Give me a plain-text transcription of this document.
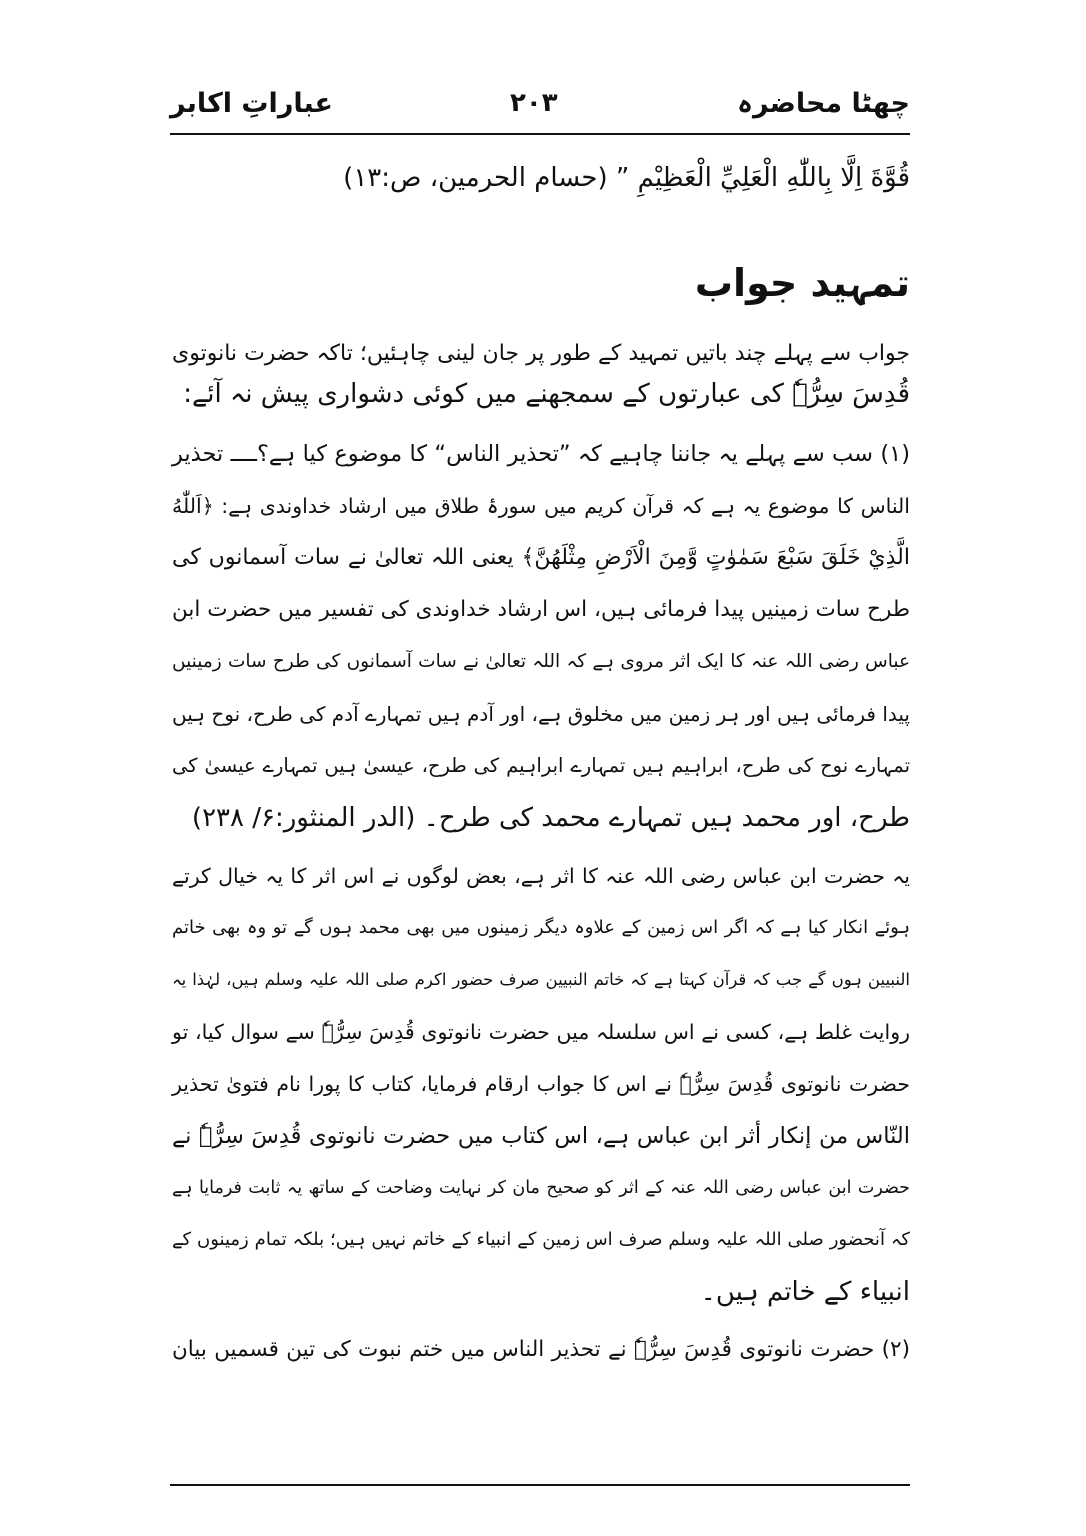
چھٹا محاضرہ
۲۰۳
عباراتِ اکابر
قُوَّةَ اِلَّا بِاللّٰهِ الْعَلِيِّ الْعَظِيْمِ ” (حسام الحرمین، ص:۱۳)
تمہید جواب
جواب سے پہلے چند باتیں تمہید کے طور پر جان لینی چاہئیں؛ تاکہ حضرت نانوتوی
قُدِسَ سِرُّہٗ کی عبارتوں کے سمجھنے میں کوئی دشواری پیش نہ آئے:
(۱) سب سے پہلے یہ جاننا چاہیے کہ ”تحذیر الناس“ کا موضوع کیا ہے؟ــــ تحذیر
الناس کا موضوع یہ ہے کہ قرآن کریم میں سورۂ طلاق میں ارشاد خداوندی ہے: ﴿اَللّٰهُ
الَّذِيْ خَلَقَ سَبْعَ سَمٰوٰتٍ وَّمِنَ الْاَرْضِ مِثْلَهُنَّ﴾ یعنی اللہ تعالیٰ نے سات آسمانوں کی
طرح سات زمینیں پیدا فرمائی ہیں، اس ارشاد خداوندی کی تفسیر میں حضرت ابن
عباس رضی اللہ عنہ کا ایک اثر مروی ہے کہ اللہ تعالیٰ نے سات آسمانوں کی طرح سات زمینیں
پیدا فرمائی ہیں اور ہر زمین میں مخلوق ہے، اور آدم ہیں تمہارے آدم کی طرح، نوح ہیں
تمہارے نوح کی طرح، ابراہیم ہیں تمہارے ابراہیم کی طرح، عیسیٰ ہیں تمہارے عیسیٰ کی
طرح، اور محمد ہیں تمہارے محمد کی طرح۔ (الدر المنثور:۶/ ۲۳۸)
یہ حضرت ابن عباس رضی اللہ عنہ کا اثر ہے، بعض لوگوں نے اس اثر کا یہ خیال کرتے
ہوئے انکار کیا ہے کہ اگر اس زمین کے علاوہ دیگر زمینوں میں بھی محمد ہوں گے تو وہ بھی خاتم
النبیین ہوں گے جب کہ قرآن کہتا ہے کہ خاتم النبیین صرف حضور اکرم صلی اللہ علیہ وسلم ہیں، لہٰذا یہ
روایت غلط ہے، کسی نے اس سلسلہ میں حضرت نانوتوی قُدِسَ سِرُّہٗ سے سوال کیا، تو
حضرت نانوتوی قُدِسَ سِرُّہٗ نے اس کا جواب ارقام فرمایا، کتاب کا پورا نام فتویٰ تحذیر
النّاس من إنكار أثر ابن عباس ہے، اس کتاب میں حضرت نانوتوی قُدِسَ سِرُّہٗ نے
حضرت ابن عباس رضی اللہ عنہ کے اثر کو صحیح مان کر نہایت وضاحت کے ساتھ یہ ثابت فرمایا ہے
کہ آنحضور صلی اللہ علیہ وسلم صرف اس زمین کے انبیاء کے خاتم نہیں ہیں؛ بلکہ تمام زمینوں کے
انبیاء کے خاتم ہیں۔
(۲) حضرت نانوتوی قُدِسَ سِرُّہٗ نے تحذیر الناس میں ختم نبوت کی تین قسمیں بیان
